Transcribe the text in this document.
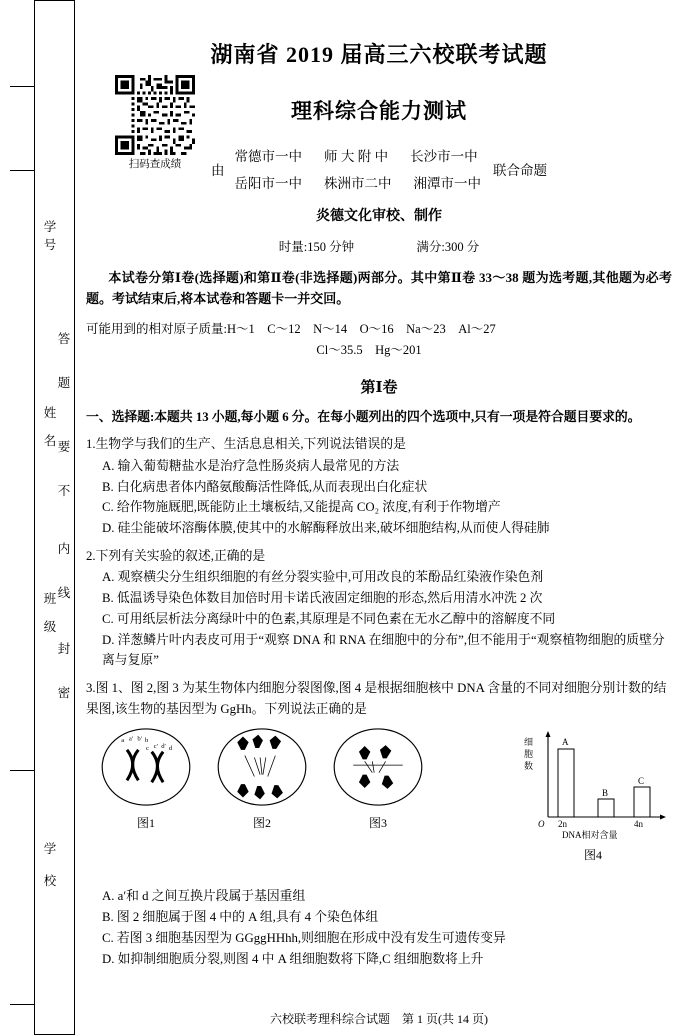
学
号
姓
名
班
级
学
校
答
题
要
不
内
线
封
密
湖南省 2019 届高三六校联考试题
扫码查成绩
理科综合能力测试
由
常德市一中 师 大 附 中 长沙市一中
岳阳市一中 株洲市二中 湘潭市一中
联合命题
炎德文化审校、制作
时量:150 分钟	满分:300 分
本试卷分第Ⅰ卷(选择题)和第Ⅱ卷(非选择题)两部分。其中第Ⅱ卷 33～38 题为选考题,其他题为必考题。考试结束后,将本试卷和答题卡一并交回。
可能用到的相对原子质量:H～1　C～12　N～14　O～16　Na～23　Al～27
Cl～35.5　Hg～201
第Ⅰ卷
一、选择题:本题共 13 小题,每小题 6 分。在每小题列出的四个选项中,只有一项是符合题目要求的。
1.生物学与我们的生产、生活息息相关,下列说法错误的是
A. 输入葡萄糖盐水是治疗急性肠炎病人最常见的方法
B. 白化病患者体内酪氨酸酶活性降低,从而表现出白化症状
C. 给作物施厩肥,既能防止土壤板结,又能提高 CO₂ 浓度,有利于作物增产
D. 硅尘能破坏溶酶体膜,使其中的水解酶释放出来,破坏细胞结构,从而使人得硅肺
2.下列有关实验的叙述,正确的是
A. 观察横尖分生组织细胞的有丝分裂实验中,可用改良的苯酚品红染液作染色剂
B. 低温诱导染色体数目加倍时用卡诺氏液固定细胞的形态,然后用清水冲洗 2 次
C. 可用纸层析法分离绿叶中的色素,其原理是不同色素在无水乙醇中的溶解度不同
D. 洋葱鳞片叶内表皮可用于“观察 DNA 和 RNA 在细胞中的分布”,但不能用于“观察植物细胞的质壁分离与复原”
3.图 1、图 2,图 3 为某生物体内细胞分裂图像,图 4 是根据细胞核中 DNA 含量的不同对细胞分别计数的结果图,该生物的基因型为 GgHh。下列说法正确的是
a a′ b′ b
c c′ d′ d
图1	图2	图3
细
胞
数
A
B
C
O 2n	4n
DNA相对含量
图4
A. a′和 d 之间互换片段属于基因重组
B. 图 2 细胞属于图 4 中的 A 组,具有 4 个染色体组
C. 若图 3 细胞基因型为 GGggHHhh,则细胞在形成中没有发生可遗传变异
D. 如抑制细胞质分裂,则图 4 中 A 组细胞数将下降,C 组细胞数将上升
六校联考理科综合试题　第 1 页(共 14 页)
